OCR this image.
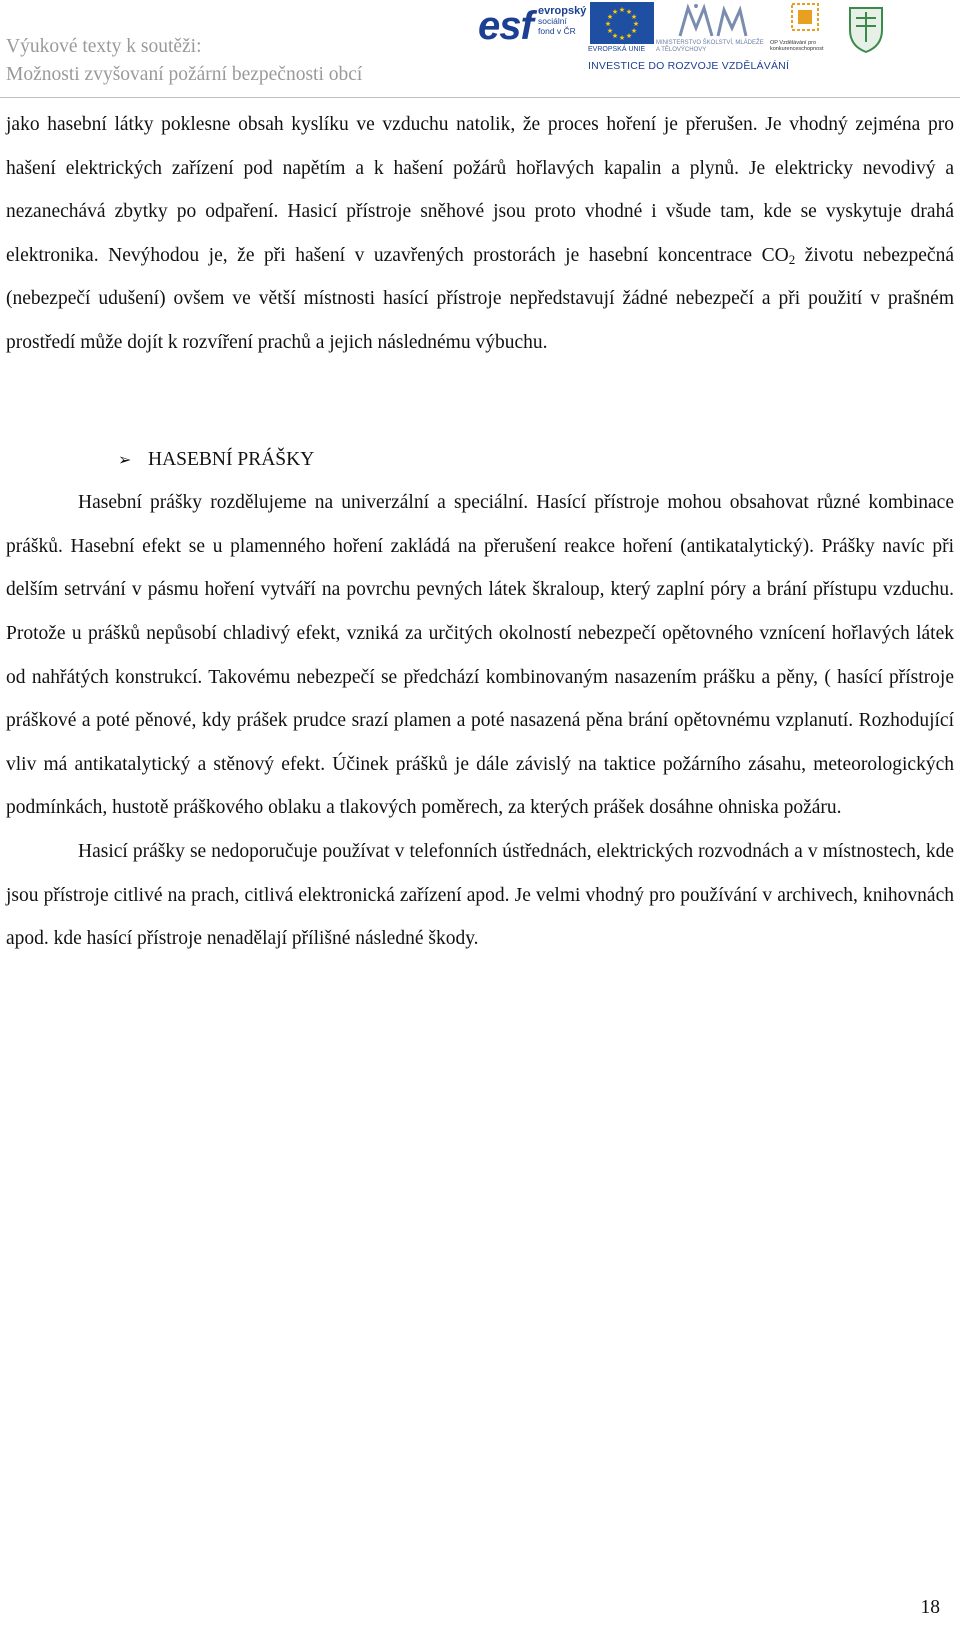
Výukové texty k soutěži:
Možnosti zvyšovaní požární bezpečnosti obcí
esf evropský
sociální
fond v ČR
★ ★
★
★
★
★
★
★
★
★
★
★
EVROPSKÁ UNIE
MINISTERSTVO ŠKOLSTVÍ, MLÁDEŽE A TĚLOVÝCHOVY
OP Vzdělávání pro konkurenceschopnost
INVESTICE DO ROZVOJE VZDĚLÁVÁNÍ

jako hasební látky poklesne obsah kyslíku ve vzduchu natolik, že proces hoření je přerušen. Je vhodný zejména pro hašení elektrických zařízení pod napětím a k hašení požárů hořlavých kapalin a plynů. Je elektricky nevodivý a nezanechává zbytky po odpaření. Hasicí přístroje sněhové jsou proto vhodné i všude tam, kde se vyskytuje drahá elektronika. Nevýhodou je, že při hašení v uzavřených prostorách je hasební koncentrace $CO_2$ životu nebezpečná (nebezpečí udušení) ovšem ve větší místnosti hasící přístroje nepředstavují žádné nebezpečí a při použití v prašném prostředí může dojít k rozvíření prachů a jejich následnému výbuchu.

➢ HASEBNÍ PRÁŠKY

Hasební prášky rozdělujeme na univerzální a speciální. Hasící přístroje mohou obsahovat různé kombinace prášků. Hasební efekt se u plamenného hoření zakládá na přerušení reakce hoření (antikatalytický). Prášky navíc při delším setrvání v pásmu hoření vytváří na povrchu pevných látek škraloup, který zaplní póry a brání přístupu vzduchu. Protože u prášků nepůsobí chladivý efekt, vzniká za určitých okolností nebezpečí opětovného vznícení hořlavých látek od nahřátých konstrukcí. Takovému nebezpečí se předchází kombinovaným nasazením prášku a pěny, ( hasící přístroje práškové a poté pěnové, kdy prášek prudce srazí plamen a poté nasazená pěna brání opětovnému vzplanutí. Rozhodující vliv má antikatalytický a stěnový efekt. Účinek prášků je dále závislý na taktice požárního zásahu, meteorologických podmínkách, hustotě práškového oblaku a tlakových poměrech, za kterých prášek dosáhne ohniska požáru.

Hasicí prášky se nedoporučuje používat v telefonních ústřednách, elektrických rozvodnách a v místnostech, kde jsou přístroje citlivé na prach, citlivá elektronická zařízení apod. Je velmi vhodný pro používání v archivech, knihovnách apod. kde hasící přístroje nenadělají přílišné následné škody.

18
